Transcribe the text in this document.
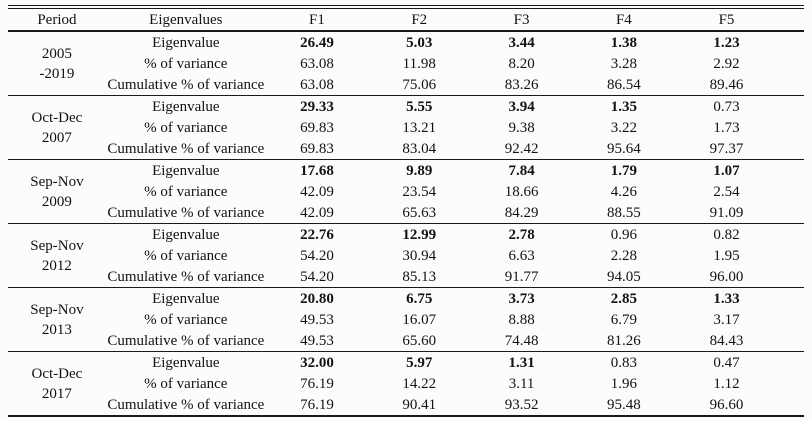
Period	Eigenvalues	F1	F2	F3	F4	F5

2005
-2019	Eigenvalue	26.49	5.03	3.44	1.38	1.23
	% of variance	63.08	11.98	8.20	3.28	2.92
	Cumulative % of variance	63.08	75.06	83.26	86.54	89.46

Oct-Dec
2007	Eigenvalue	29.33	5.55	3.94	1.35	0.73
	% of variance	69.83	13.21	9.38	3.22	1.73
	Cumulative % of variance	69.83	83.04	92.42	95.64	97.37

Sep-Nov
2009	Eigenvalue	17.68	9.89	7.84	1.79	1.07
	% of variance	42.09	23.54	18.66	4.26	2.54
	Cumulative % of variance	42.09	65.63	84.29	88.55	91.09

Sep-Nov
2012	Eigenvalue	22.76	12.99	2.78	0.96	0.82
	% of variance	54.20	30.94	6.63	2.28	1.95
	Cumulative % of variance	54.20	85.13	91.77	94.05	96.00

Sep-Nov
2013	Eigenvalue	20.80	6.75	3.73	2.85	1.33
	% of variance	49.53	16.07	8.88	6.79	3.17
	Cumulative % of variance	49.53	65.60	74.48	81.26	84.43

Oct-Dec
2017	Eigenvalue	32.00	5.97	1.31	0.83	0.47
	% of variance	76.19	14.22	3.11	1.96	1.12
	Cumulative % of variance	76.19	90.41	93.52	95.48	96.60
